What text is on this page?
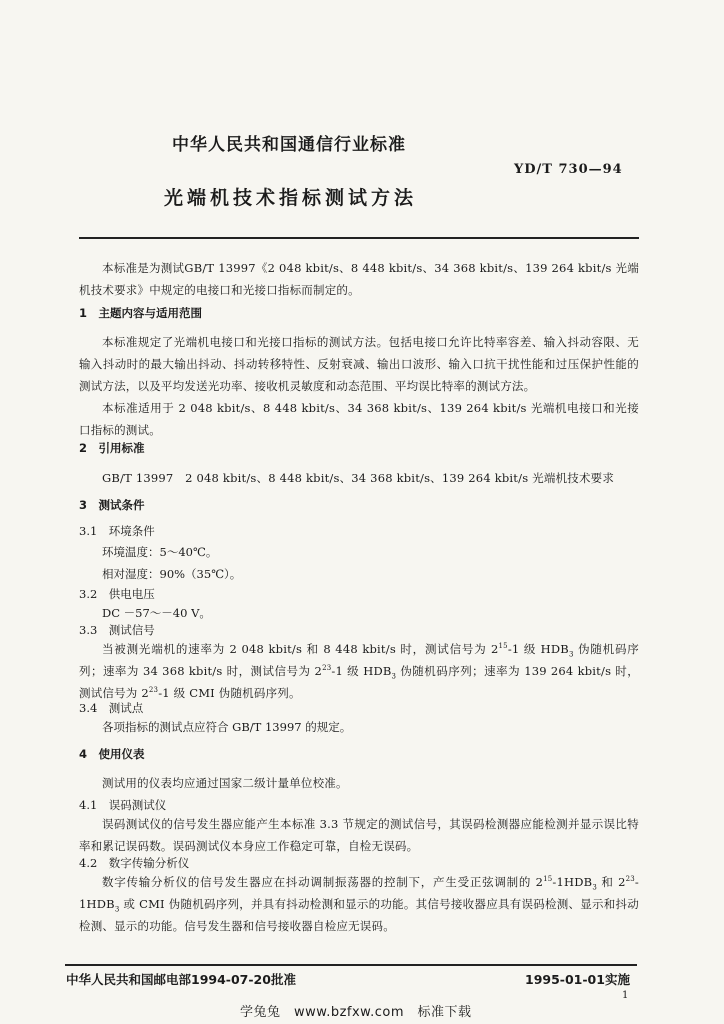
中华人民共和国通信行业标准
YD/T 730—94
光端机技术指标测试方法
本标准是为测试GB/T 13997《2 048 kbit/s、8 448 kbit/s、34 368 kbit/s、139 264 kbit/s 光端机技术要求》中规定的电接口和光接口指标而制定的。
1　主题内容与适用范围
本标准规定了光端机电接口和光接口指标的测试方法。包括电接口允许比特率容差、输入抖动容限、无输入抖动时的最大输出抖动、抖动转移特性、反射衰减、输出口波形、输入口抗干扰性能和过压保护性能的测试方法，以及平均发送光功率、接收机灵敏度和动态范围、平均误比特率的测试方法。
本标准适用于 2 048 kbit/s、8 448 kbit/s、34 368 kbit/s、139 264 kbit/s 光端机电接口和光接口指标的测试。
2　引用标准
GB/T 13997　2 048 kbit/s、8 448 kbit/s、34 368 kbit/s、139 264 kbit/s 光端机技术要求
3　测试条件
3.1　环境条件
环境温度：5～40℃。
相对湿度：90%（35℃）。
3.2　供电电压
DC －57～－40 V。
3.3　测试信号
当被测光端机的速率为 2 048 kbit/s 和 8 448 kbit/s 时，测试信号为 $2^{15}-1$ 级 $HDB_3$ 伪随机码序列；速率为 34 368 kbit/s 时，测试信号为 $2^{23}-1$ 级 $HDB_3$ 伪随机码序列；速率为 139 264 kbit/s 时，测试信号为 $2^{23}-1$ 级 CMI 伪随机码序列。
3.4　测试点
各项指标的测试点应符合 GB/T 13997 的规定。
4　使用仪表
测试用的仪表均应通过国家二级计量单位校准。
4.1　误码测试仪
误码测试仪的信号发生器应能产生本标准 3.3 节规定的测试信号，其误码检测器应能检测并显示误比特率和累记误码数。误码测试仪本身应工作稳定可靠，自检无误码。
4.2　数字传输分析仪
数字传输分析仪的信号发生器应在抖动调制振荡器的控制下，产生受正弦调制的 $2^{15}-1HDB_3$ 和 $2^{23}-1HDB_3$ 或 CMI 伪随机码序列，并具有抖动检测和显示的功能。其信号接收器应具有误码检测、显示和抖动检测、显示的功能。信号发生器和信号接收器自检应无误码。
中华人民共和国邮电部1994-07-20批准	1995-01-01实施
1
学兔兔　www.bzfxw.com　标准下载
